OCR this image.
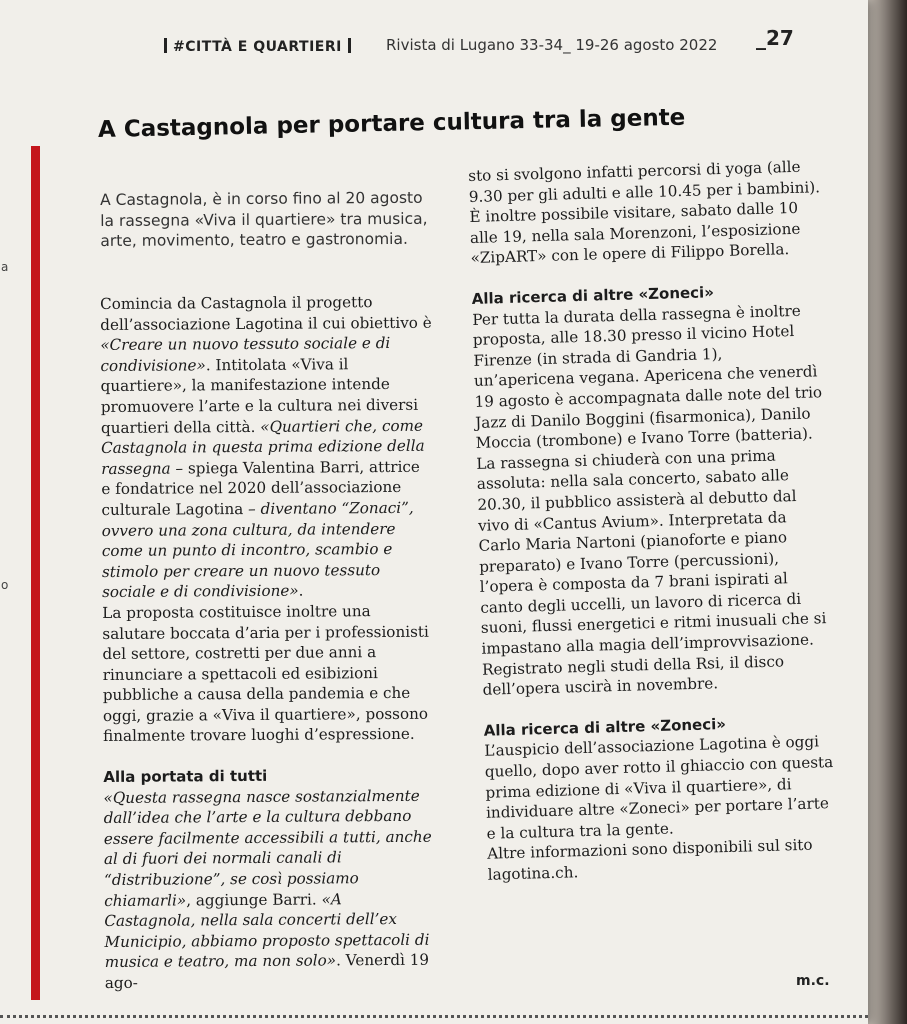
a
o
#CITTÀ E QUARTIERI	Rivista di Lugano 33-34_ 19-26 agosto 2022 _27
A Castagnola per portare cultura tra la gente
A Castagnola, è in corso fino al 20 agosto la rassegna «Viva il quartiere» tra musica, arte, movimento, teatro e gastronomia.

Comincia da Castagnola il progetto dell’associazione Lagotina il cui obiettivo è «Creare un nuovo tessuto sociale e di condivisione». Intitolata «Viva il quartiere», la manifestazione intende promuovere l’arte e la cultura nei diversi quartieri della città. «Quartieri che, come Castagnola in questa prima edizione della rassegna – spiega Valentina Barri, attrice e fondatrice nel 2020 dell’associazione culturale Lagotina – diventano “Zonaci”, ovvero una zona cultura, da intendere come un punto di incontro, scambio e stimolo per creare un nuovo tessuto sociale e di condivisione».

La proposta costituisce inoltre una salutare boccata d’aria per i professionisti del settore, costretti per due anni a rinunciare a spettacoli ed esibizioni pubbliche a causa della pandemia e che oggi, grazie a «Viva il quartiere», possono finalmente trovare luoghi d’espressione.

Alla portata di tutti

«Questa rassegna nasce sostanzialmente dall’idea che l’arte e la cultura debbano essere facilmente accessibili a tutti, anche al di fuori dei normali canali di “distribuzione”, se così possiamo chiamarli», aggiunge Barri. «A Castagnola, nella sala concerti dell’ex Municipio, abbiamo proposto spettacoli di musica e teatro, ma non solo». Venerdì 19 ago-

sto si svolgono infatti percorsi di yoga (alle 9.30 per gli adulti e alle 10.45 per i bambini). È inoltre possibile visitare, sabato dalle 10 alle 19, nella sala Morenzoni, l’esposizione «ZipART» con le opere di Filippo Borella.

Alla ricerca di altre «Zoneci»

Per tutta la durata della rassegna è inoltre proposta, alle 18.30 presso il vicino Hotel Firenze (in strada di Gandria 1), un’apericena vegana. Apericena che venerdì 19 agosto è accompagnata dalle note del trio Jazz di Danilo Boggini (fisarmonica), Danilo Moccia (trombone) e Ivano Torre (batteria).

La rassegna si chiuderà con una prima assoluta: nella sala concerto, sabato alle 20.30, il pubblico assisterà al debutto dal vivo di «Cantus Avium». Interpretata da Carlo Maria Nartoni (pianoforte e piano preparato) e Ivano Torre (percussioni), l’opera è composta da 7 brani ispirati al canto degli uccelli, un lavoro di ricerca di suoni, flussi energetici e ritmi inusuali che si impastano alla magia dell’improvvisazione. Registrato negli studi della Rsi, il disco dell’opera uscirà in novembre.

Alla ricerca di altre «Zoneci»

L’auspicio dell’associazione Lagotina è oggi quello, dopo aver rotto il ghiaccio con questa prima edizione di «Viva il quartiere», di individuare altre «Zoneci» per portare l’arte e la cultura tra la gente.

Altre informazioni sono disponibili sul sito lagotina.ch.

m.c.
